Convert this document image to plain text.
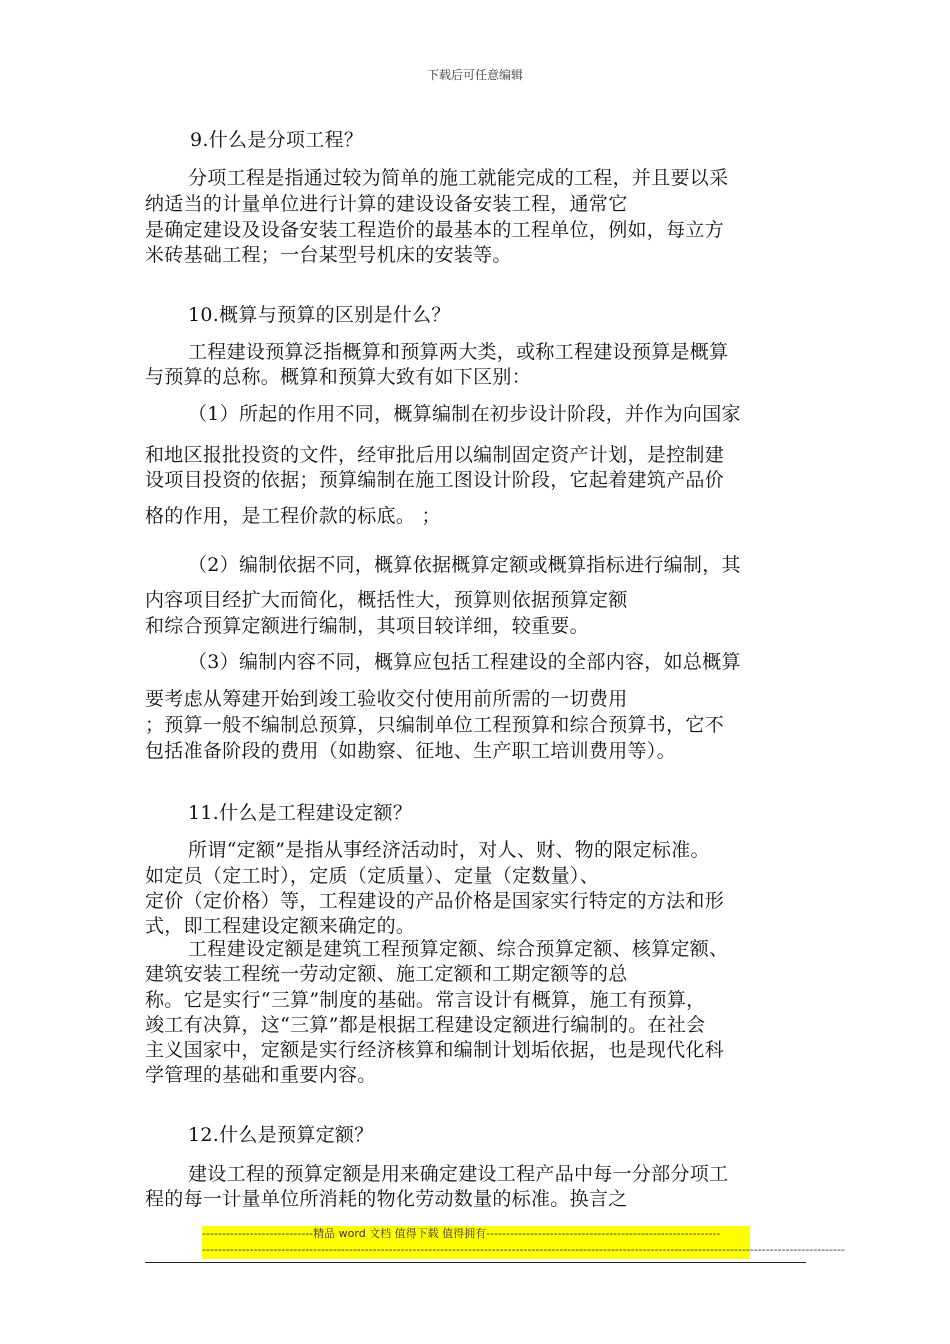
下载后可任意编辑
9.什么是分项工程？
分项工程是指通过较为简单的施工就能完成的工程，并且要以采
纳适当的计量单位进行计算的建设设备安装工程，通常它
是确定建设及设备安装工程造价的最基本的工程单位，例如，每立方
米砖基础工程；一台某型号机床的安装等。
10.概算与预算的区别是什么？
工程建设预算泛指概算和预算两大类，或称工程建设预算是概算
与预算的总称。概算和预算大致有如下区别：
（1）所起的作用不同，概算编制在初步设计阶段，并作为向国家
和地区报批投资的文件，经审批后用以编制固定资产计划，是控制建
设项目投资的依据；预算编制在施工图设计阶段，它起着建筑产品价
格的作用，是工程价款的标底。 ；
（2）编制依据不同，概算依据概算定额或概算指标进行编制，其
内容项目经扩大而简化，概括性大，预算则依据预算定额
和综合预算定额进行编制，其项目较详细，较重要。
（3）编制内容不同，概算应包括工程建设的全部内容，如总概算
要考虑从筹建开始到竣工验收交付使用前所需的一切费用
；预算一般不编制总预算，只编制单位工程预算和综合预算书，它不
包括准备阶段的费用（如勘察、征地、生产职工培训费用等）。
11.什么是工程建设定额？
所谓“定额”是指从事经济活动时，对人、财、物的限定标准。
如定员（定工时），定质（定质量）、定量（定数量）、
定价（定价格）等，工程建设的产品价格是国家实行特定的方法和形
式，即工程建设定额来确定的。
工程建设定额是建筑工程预算定额、综合预算定额、核算定额、
建筑安装工程统一劳动定额、施工定额和工期定额等的总
称。它是实行“三算”制度的基础。常言设计有概算，施工有预算，
竣工有决算，这“三算”都是根据工程建设定额进行编制的。在社会
主义国家中，定额是实行经济核算和编制计划垢依据，也是现代化科
学管理的基础和重要内容。
12.什么是预算定额？
建设工程的预算定额是用来确定建设工程产品中每一分部分项工
程的每一计量单位所消耗的物化劳动数量的标准。换言之
----------------------------精品 word 文档 值得下载 值得拥有-----------------------------------------------------------
------------------------------------------------------------------------------------------------------------------------------------------------------------------
